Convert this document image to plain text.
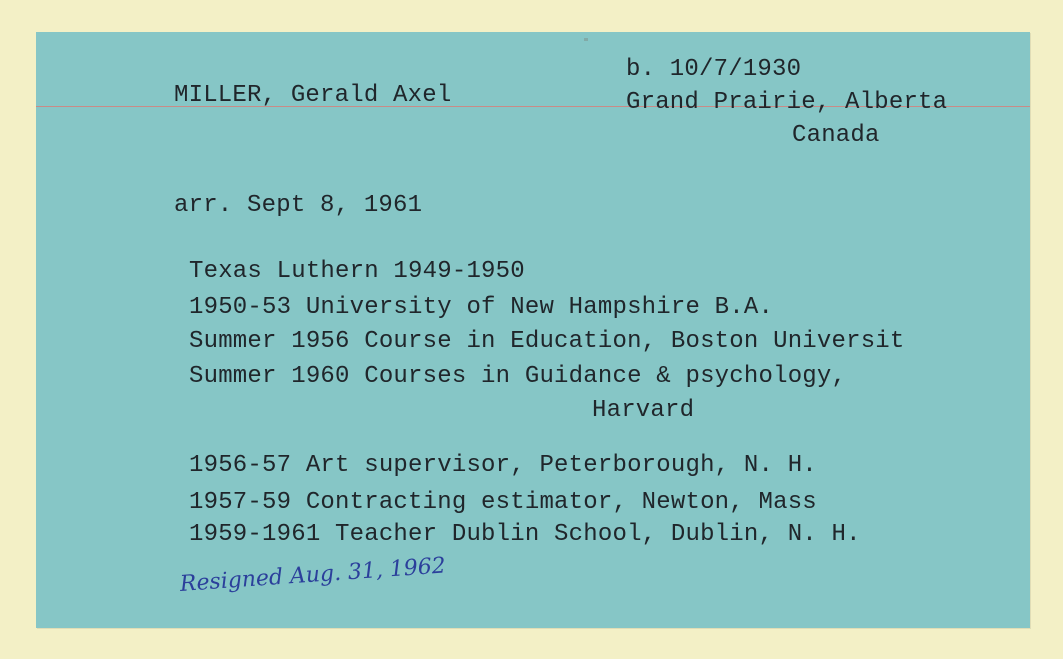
MILLER, Gerald Axel
b. 10/7/1930
Grand Prairie, Alberta
Canada
arr. Sept 8, 1961
Texas Luthern 1949-1950
1950-53 University of New Hampshire B.A.
Summer 1956 Course in Education, Boston Universit
Summer 1960 Courses in Guidance & psychology,
Harvard
1956-57 Art supervisor, Peterborough, N. H.
1957-59 Contracting estimator, Newton, Mass
1959-1961 Teacher Dublin School, Dublin, N. H.
Resigned Aug. 31, 1962
